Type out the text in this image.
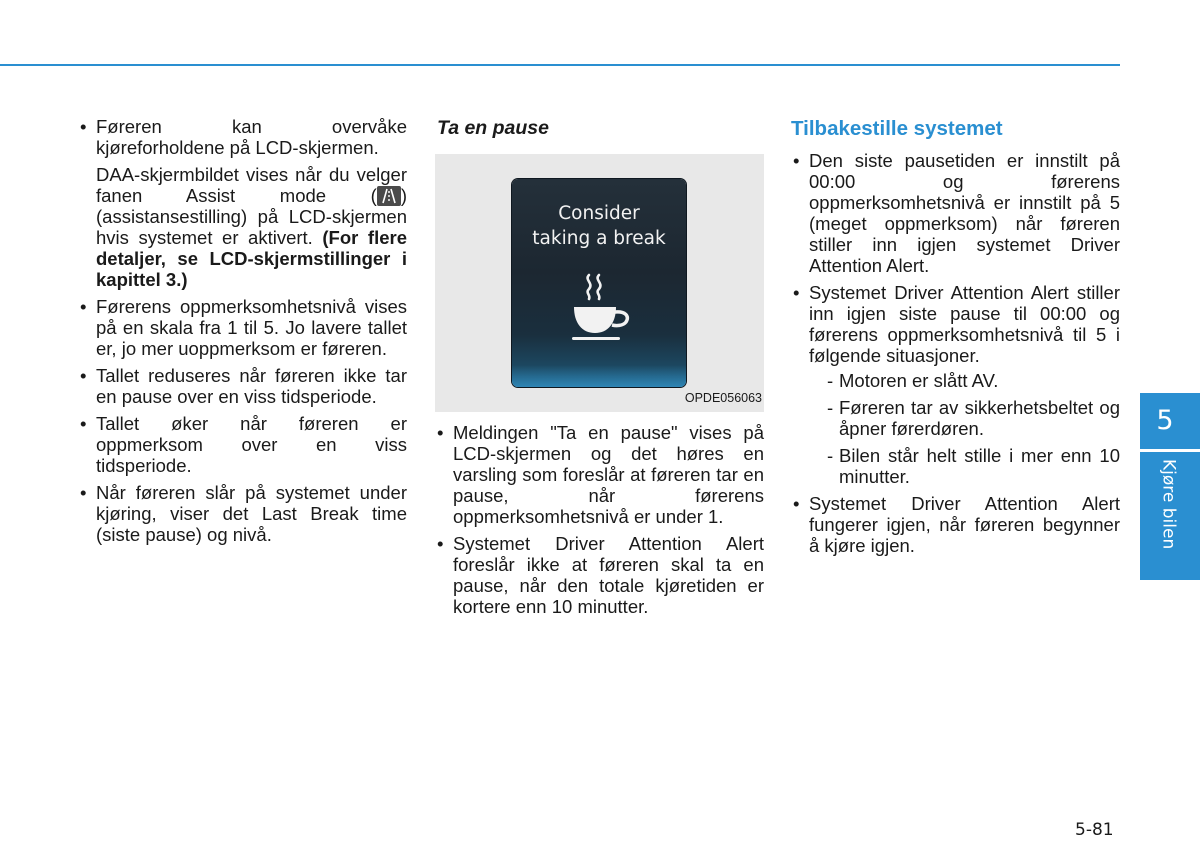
• Føreren kan overvåke kjøreforholdene på LCD-skjermen.
DAA-skjermbildet vises når du velger fanen Assist mode ( ) (assistansestilling) på LCD-skjermen hvis systemet er aktivert. (For flere detaljer, se LCD-skjermstillinger i kapittel 3.)
• Førerens oppmerksomhetsnivå vises på en skala fra 1 til 5. Jo lavere tallet er, jo mer uoppmerksom er føreren.
• Tallet reduseres når føreren ikke tar en pause over en viss tidsperiode.
• Tallet øker når føreren er oppmerksom over en viss tidsperiode.
• Når føreren slår på systemet under kjøring, viser det Last Break time (siste pause) og nivå.
Ta en pause
Consider
taking a break
OPDE056063
• Meldingen "Ta en pause" vises på LCD-skjermen og det høres en varsling som foreslår at føreren tar en pause, når førerens oppmerksomhetsnivå er under 1.
• Systemet Driver Attention Alert foreslår ikke at føreren skal ta en pause, når den totale kjøretiden er kortere enn 10 minutter.
Tilbakestille systemet
• Den siste pausetiden er innstilt på 00:00 og førerens oppmerksomhetsnivå er innstilt på 5 (meget oppmerksom) når føreren stiller inn igjen systemet Driver Attention Alert.
• Systemet Driver Attention Alert stiller inn igjen siste pause til 00:00 og førerens oppmerksomhetsnivå til 5 i følgende situasjoner.
- Motoren er slått AV.
- Føreren tar av sikkerhetsbeltet og åpner førerdøren.
- Bilen står helt stille i mer enn 10 minutter.
• Systemet Driver Attention Alert fungerer igjen, når føreren begynner å kjøre igjen.
5
Kjøre bilen
5-81
